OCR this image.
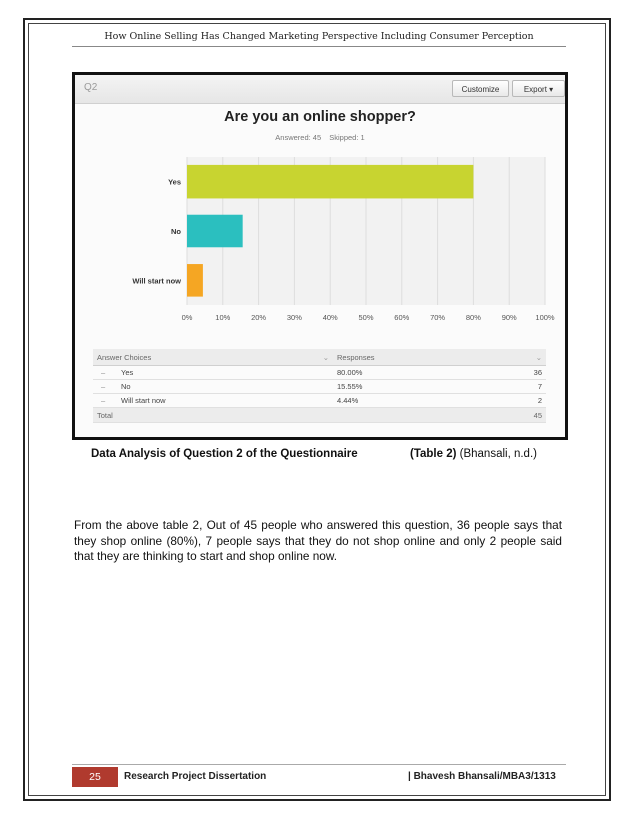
How Online Selling Has Changed Marketing Perspective Including Consumer Perception
Q2	Customize	Export ▾
Are you an online shopper?
Answered: 45 Skipped: 1
0%	10%	20%	30%	40%	50%	60%	70%	80%	90% 100%
Yes
No
Will start now
Answer Choices ⌄	Responses	⌄

– Yes	80.00%	36
– No	15.55%	7
– Will start now	4.44%	2
Total		45
Data Analysis of Question 2 of the Questionnaire	(Table 2) (Bhansali, n.d.)
From the above table 2, Out of 45 people who answered this question, 36 people says that they shop online (80%), 7 people says that they do not shop online and only 2 people said that they are thinking to start and shop online now.
25	Research Project Dissertation	| Bhavesh Bhansali/MBA3/1313
